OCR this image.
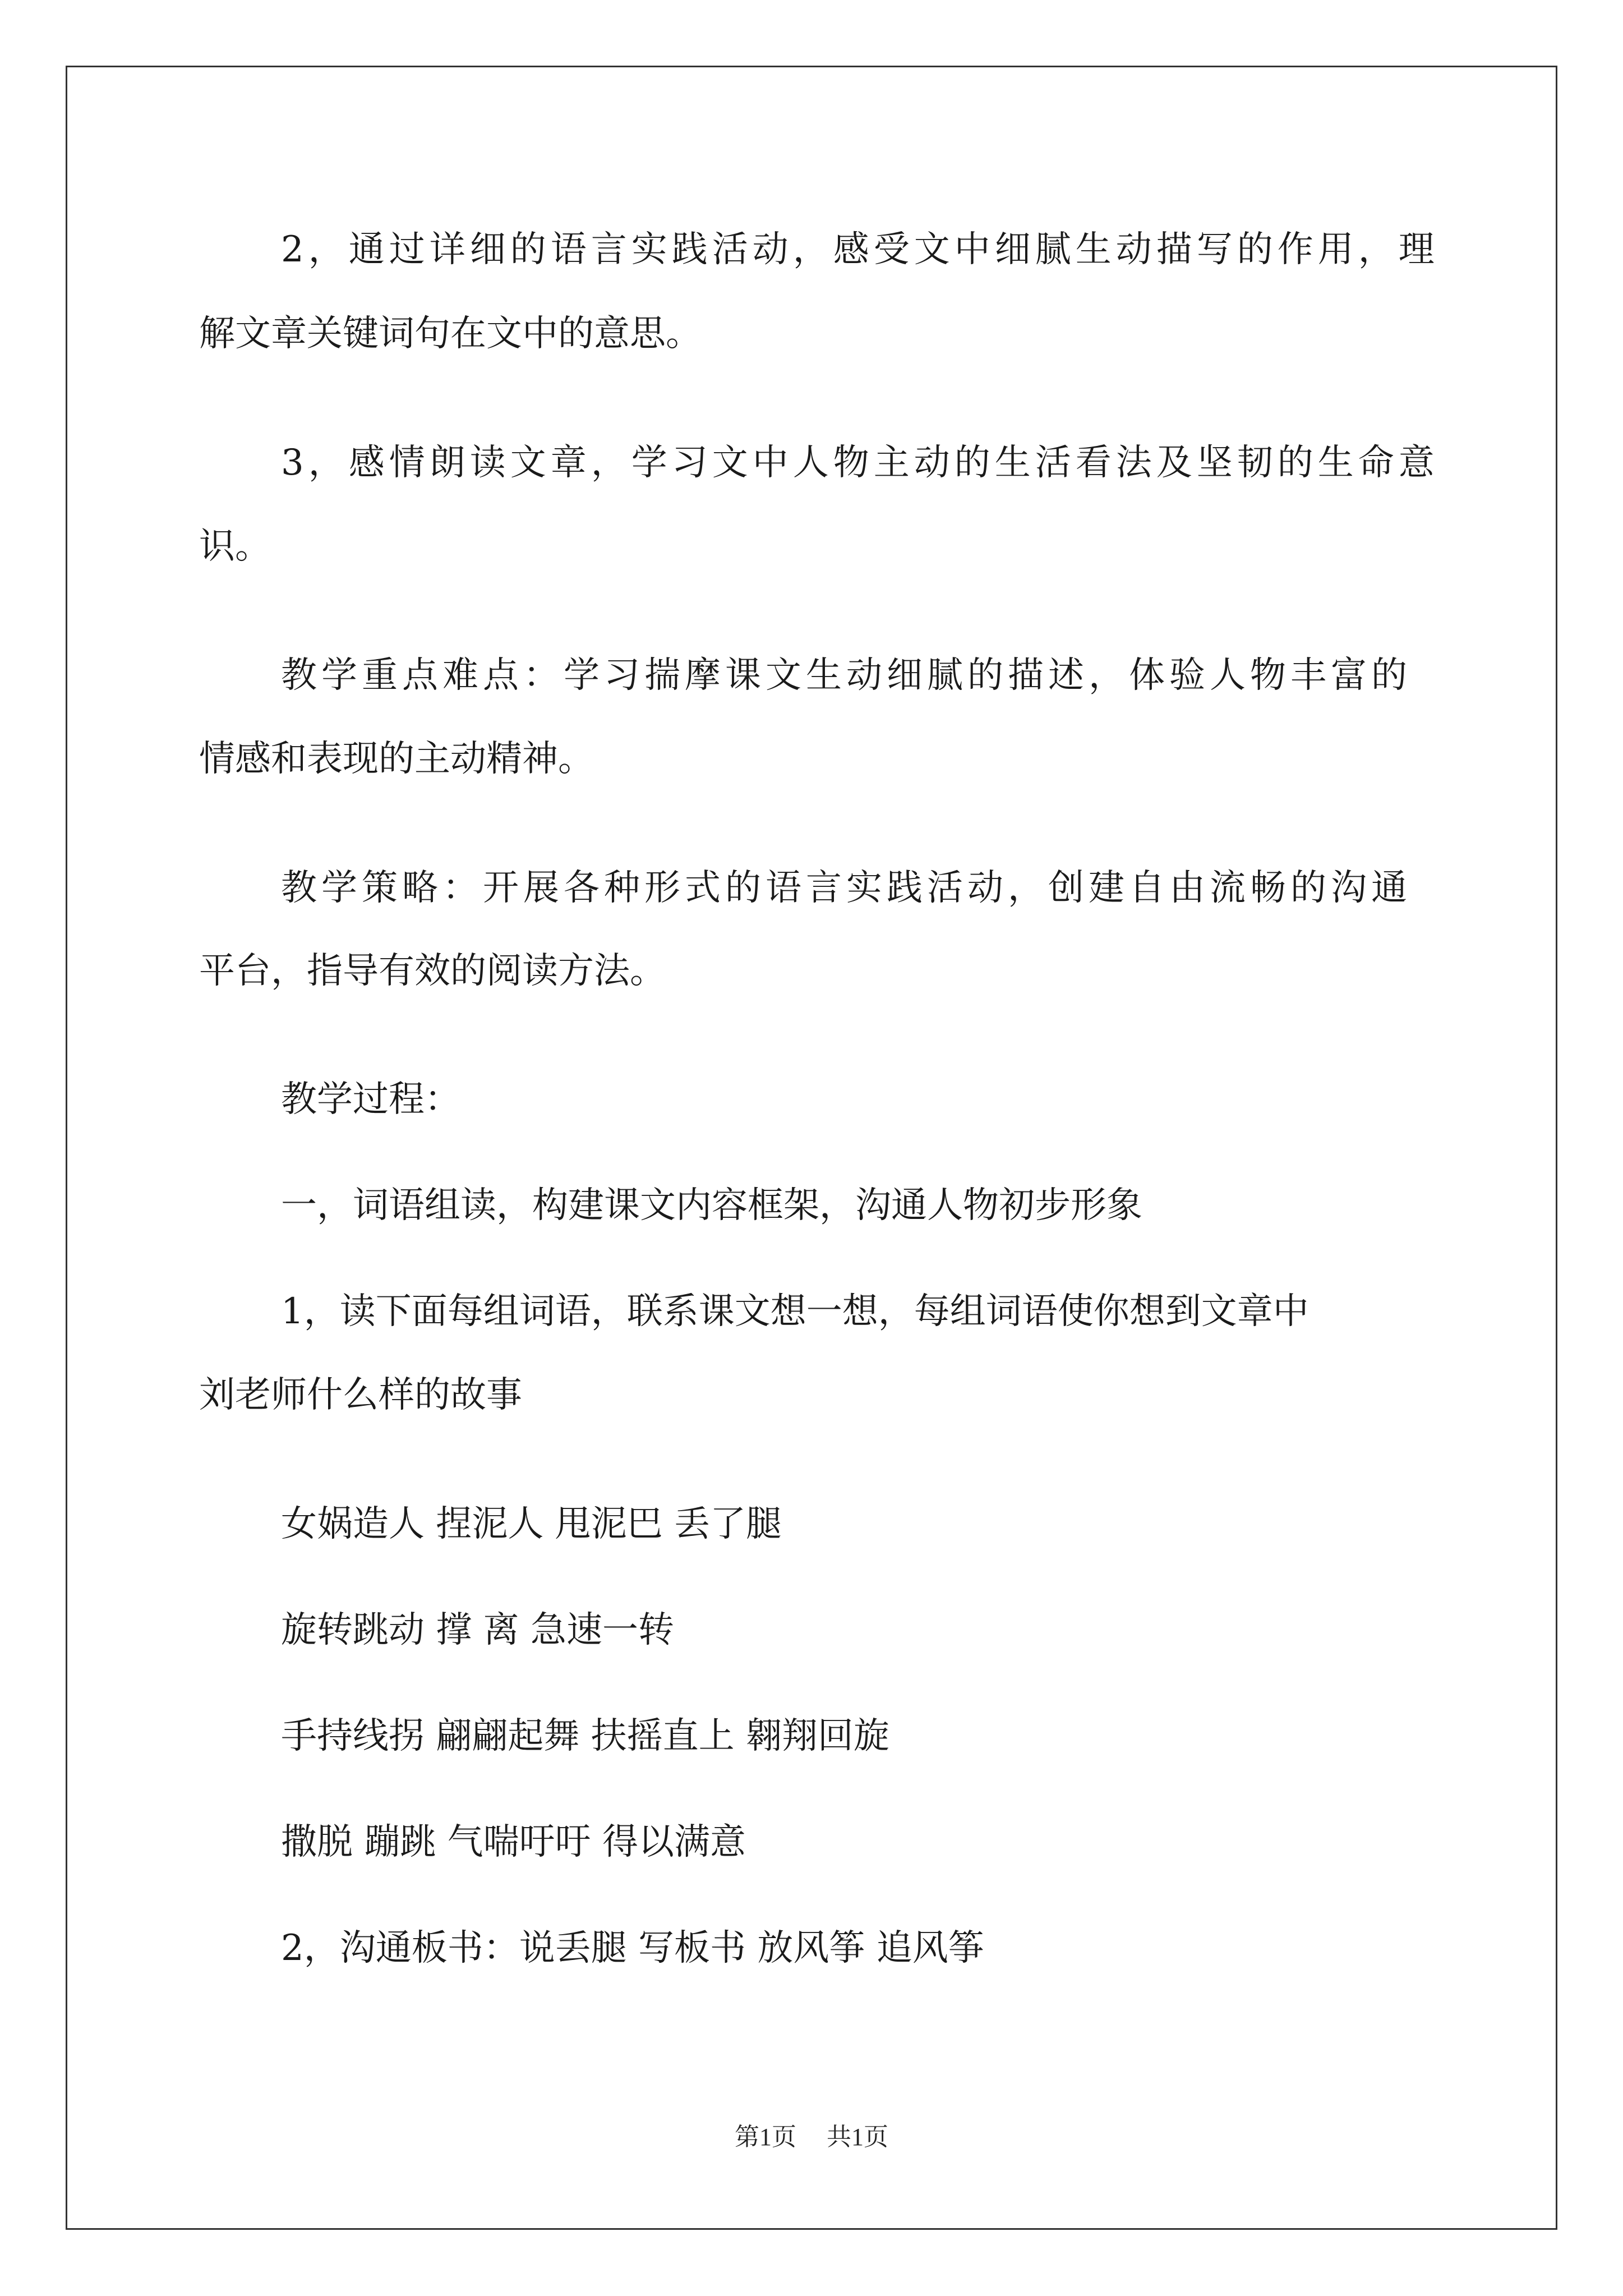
2，通过详细的语言实践活动，感受文中细腻生动描写的作用，理
解文章关键词句在文中的意思。
3，感情朗读文章，学习文中人物主动的生活看法及坚韧的生命意
识。
教学重点难点：学习揣摩课文生动细腻的描述，体验人物丰富的
情感和表现的主动精神。
教学策略：开展各种形式的语言实践活动，创建自由流畅的沟通
平台，指导有效的阅读方法。
教学过程：
一，词语组读，构建课文内容框架，沟通人物初步形象
1，读下面每组词语，联系课文想一想，每组词语使你想到文章中
刘老师什么样的故事
女娲造人 捏泥人 甩泥巴 丢了腿
旋转跳动 撑 离 急速一转
手持线拐 翩翩起舞 扶摇直上 翱翔回旋
撒脱 蹦跳 气喘吁吁 得以满意
2，沟通板书：说丢腿 写板书 放风筝 追风筝
第1页 共1页
